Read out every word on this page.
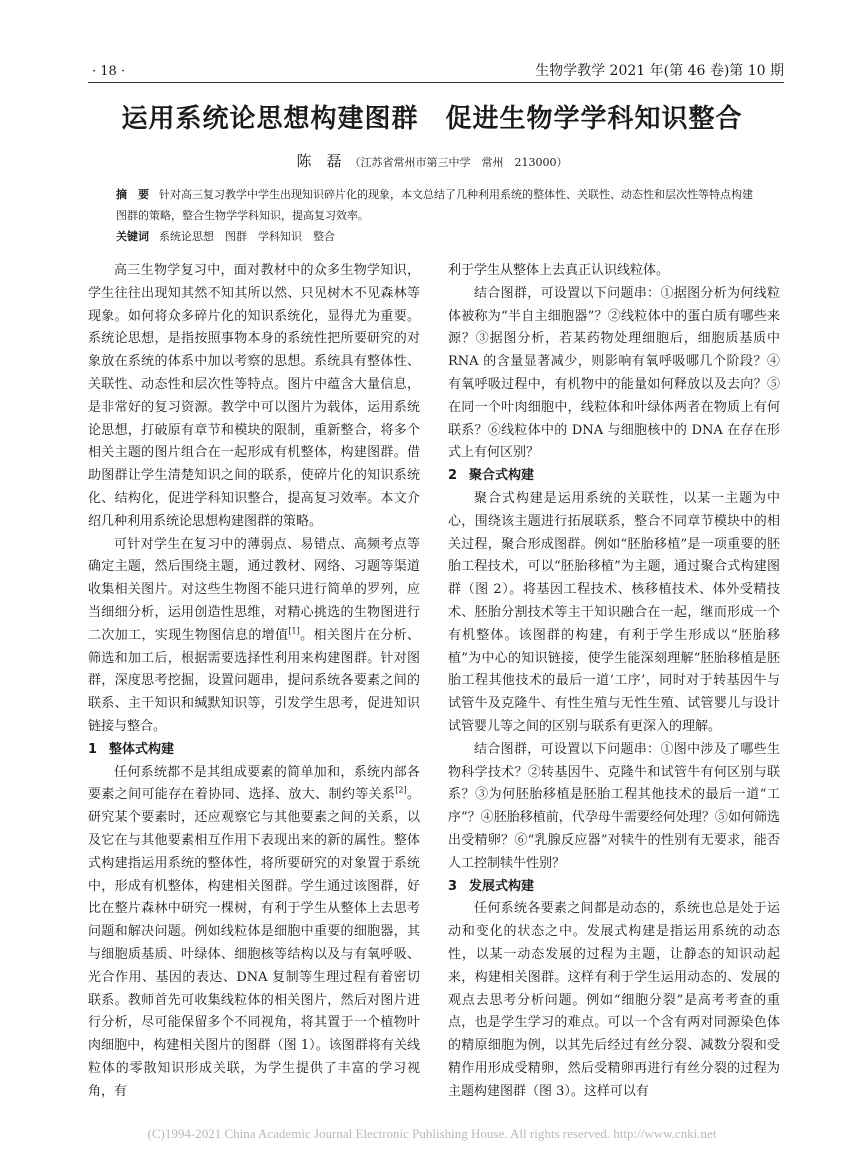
· 18 ·	生物学教学 2021 年(第 46 卷)第 10 期
运用系统论思想构建图群　促进生物学学科知识整合
陈　磊 （江苏省常州市第三中学　常州　213000）
摘　要 针对高三复习教学中学生出现知识碎片化的现象，本文总结了几种利用系统的整体性、关联性、动态性和层次性等特点构建图群的策略，整合生物学学科知识，提高复习效率。
关键词 系统论思想　图群　学科知识　整合

高三生物学复习中，面对教材中的众多生物学知识，学生往往出现知其然不知其所以然、只见树木不见森林等现象。如何将众多碎片化的知识系统化，显得尤为重要。系统论思想，是指按照事物本身的系统性把所要研究的对象放在系统的体系中加以考察的思想。系统具有整体性、关联性、动态性和层次性等特点。图片中蕴含大量信息，是非常好的复习资源。教学中可以图片为载体，运用系统论思想，打破原有章节和模块的限制，重新整合，将多个相关主题的图片组合在一起形成有机整体，构建图群。借助图群让学生清楚知识之间的联系，使碎片化的知识系统化、结构化，促进学科知识整合，提高复习效率。本文介绍几种利用系统论思想构建图群的策略。

可针对学生在复习中的薄弱点、易错点、高频考点等确定主题，然后围绕主题，通过教材、网络、习题等渠道收集相关图片。对这些生物图不能只进行简单的罗列，应当细细分析，运用创造性思维，对精心挑选的生物图进行二次加工，实现生物图信息的增值[1]。相关图片在分析、筛选和加工后，根据需要选择性利用来构建图群。针对图群，深度思考挖掘，设置问题串，提问系统各要素之间的联系、主干知识和缄默知识等，引发学生思考，促进知识链接与整合。

1 整体式构建

任何系统都不是其组成要素的简单加和，系统内部各要素之间可能存在着协同、选择、放大、制约等关系[2]。研究某个要素时，还应观察它与其他要素之间的关系，以及它在与其他要素相互作用下表现出来的新的属性。整体式构建指运用系统的整体性，将所要研究的对象置于系统中，形成有机整体，构建相关图群。学生通过该图群，好比在整片森林中研究一棵树，有利于学生从整体上去思考问题和解决问题。例如线粒体是细胞中重要的细胞器，其与细胞质基质、叶绿体、细胞核等结构以及与有氧呼吸、光合作用、基因的表达、DNA 复制等生理过程有着密切联系。教师首先可收集线粒体的相关图片，然后对图片进行分析，尽可能保留多个不同视角，将其置于一个植物叶肉细胞中，构建相关图片的图群（图 1）。该图群将有关线粒体的零散知识形成关联，为学生提供了丰富的学习视角，有

利于学生从整体上去真正认识线粒体。

结合图群，可设置以下问题串：①据图分析为何线粒体被称为“半自主细胞器”？②线粒体中的蛋白质有哪些来源？③据图分析，若某药物处理细胞后，细胞质基质中 RNA 的含量显著减少，则影响有氧呼吸哪几个阶段？④有氧呼吸过程中，有机物中的能量如何释放以及去向？⑤在同一个叶肉细胞中，线粒体和叶绿体两者在物质上有何联系？⑥线粒体中的 DNA 与细胞核中的 DNA 在存在形式上有何区别？

2 聚合式构建

聚合式构建是运用系统的关联性，以某一主题为中心，围绕该主题进行拓展联系，整合不同章节模块中的相关过程，聚合形成图群。例如“胚胎移植”是一项重要的胚胎工程技术，可以“胚胎移植”为主题，通过聚合式构建图群（图 2）。将基因工程技术、核移植技术、体外受精技术、胚胎分割技术等主干知识融合在一起，继而形成一个有机整体。该图群的构建，有利于学生形成以“胚胎移植”为中心的知识链接，使学生能深刻理解“胚胎移植是胚胎工程其他技术的最后一道‘工序’，同时对于转基因牛与试管牛及克隆牛、有性生殖与无性生殖、试管婴儿与设计试管婴儿等之间的区别与联系有更深入的理解。

结合图群，可设置以下问题串：①图中涉及了哪些生物科学技术？②转基因牛、克隆牛和试管牛有何区别与联系？③为何胚胎移植是胚胎工程其他技术的最后一道“工序”？④胚胎移植前，代孕母牛需要经何处理？⑤如何筛选出受精卵？⑥“乳腺反应器”对犊牛的性别有无要求，能否人工控制犊牛性别？

3 发展式构建

任何系统各要素之间都是动态的，系统也总是处于运动和变化的状态之中。发展式构建是指运用系统的动态性，以某一动态发展的过程为主题，让静态的知识动起来，构建相关图群。这样有利于学生运用动态的、发展的观点去思考分析问题。例如“细胞分裂”是高考考查的重点，也是学生学习的难点。可以一个含有两对同源染色体的精原细胞为例，以其先后经过有丝分裂、减数分裂和受精作用形成受精卵，然后受精卵再进行有丝分裂的过程为主题构建图群（图 3）。这样可以有

(C)1994-2021 China Academic Journal Electronic Publishing House. All rights reserved. http://www.cnki.net
